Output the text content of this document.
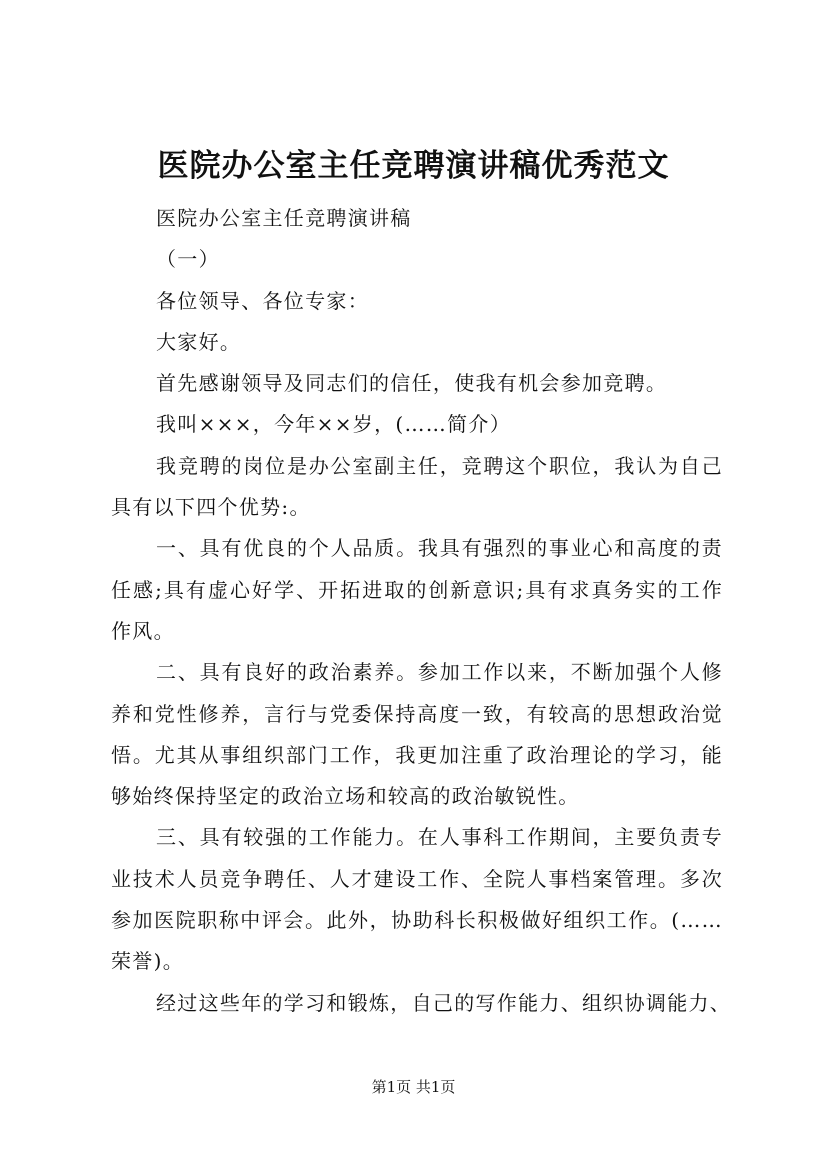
医院办公室主任竞聘演讲稿优秀范文
医院办公室主任竞聘演讲稿
（一）
各位领导、各位专家：
大家好。
首先感谢领导及同志们的信任，使我有机会参加竞聘。
我叫×××，今年××岁，(……简介）
我竞聘的岗位是办公室副主任，竞聘这个职位，我认为自己具有以下四个优势:。
一、具有优良的个人品质。我具有强烈的事业心和高度的责任感;具有虚心好学、开拓进取的创新意识;具有求真务实的工作作风。
二、具有良好的政治素养。参加工作以来，不断加强个人修养和党性修养，言行与党委保持高度一致，有较高的思想政治觉悟。尤其从事组织部门工作，我更加注重了政治理论的学习，能够始终保持坚定的政治立场和较高的政治敏锐性。
三、具有较强的工作能力。在人事科工作期间，主要负责专业技术人员竞争聘任、人才建设工作、全院人事档案管理。多次参加医院职称中评会。此外，协助科长积极做好组织工作。(……荣誉)。
经过这些年的学习和锻炼，自己的写作能力、组织协调能力、
第1页 共1页
